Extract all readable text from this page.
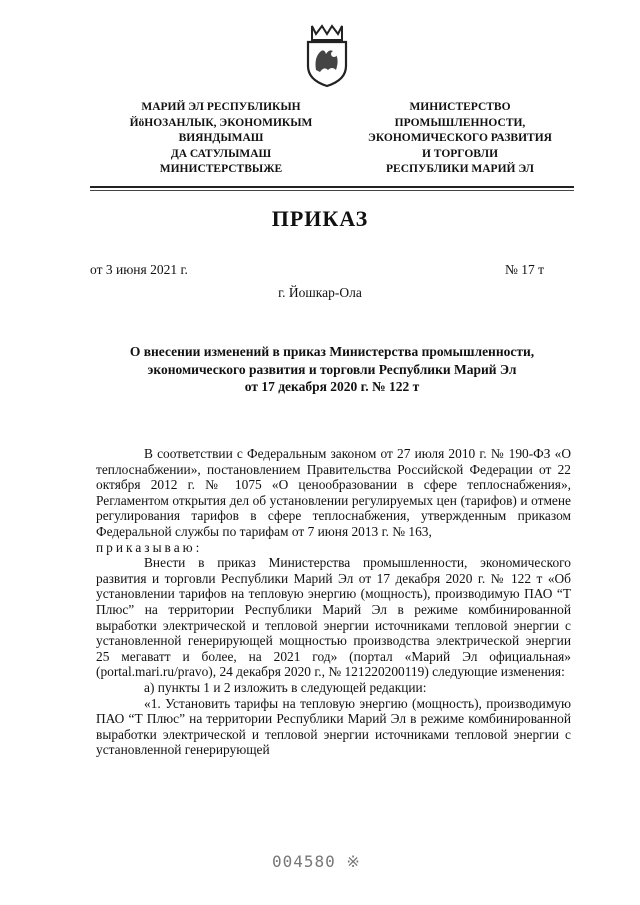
МАРИЙ ЭЛ РЕСПУБЛИКЫН
ЙӧНОЗАНЛЫК, ЭКОНОМИКЫМ
ВИЯНДЫМАШ
ДА САТУЛЫМАШ
МИНИСТЕРСТВЫЖЕ
МИНИСТЕРСТВО
ПРОМЫШЛЕННОСТИ,
ЭКОНОМИЧЕСКОГО РАЗВИТИЯ
И ТОРГОВЛИ
РЕСПУБЛИКИ МАРИЙ ЭЛ
ПРИКАЗ
от 3 июня 2021 г.	№ 17 т
г. Йошкар-Ола
О внесении изменений в приказ Министерства промышленности,
экономического развития и торговли Республики Марий Эл
от 17 декабря 2020 г. № 122 т

В соответствии с Федеральным законом от 27 июля 2010 г. № 190-ФЗ «О теплоснабжении», постановлением Правительства Российской Федерации от 22 октября 2012 г. № 1075 «О ценообразовании в сфере теплоснабжения», Регламентом открытия дел об установлении регулируемых цен (тарифов) и отмене регулирования тарифов в сфере теплоснабжения, утвержденным приказом Федеральной службы по тарифам от 7 июня 2013 г. № 163,

приказываю:

Внести в приказ Министерства промышленности, экономического развития и торговли Республики Марий Эл от 17 декабря 2020 г. № 122 т «Об установлении тарифов на тепловую энергию (мощность), производимую ПАО “Т Плюс” на территории Республики Марий Эл в режиме комбинированной выработки электрической и тепловой энергии источниками тепловой энергии с установленной генерирующей мощностью производства электрической энергии 25 мегаватт и более, на 2021 год» (портал «Марий Эл официальная» (portal.mari.ru/pravo), 24 декабря 2020 г., № 121220200119) следующие изменения:

а) пункты 1 и 2 изложить в следующей редакции:

«1. Установить тарифы на тепловую энергию (мощность), производимую ПАО “Т Плюс” на территории Республики Марий Эл в режиме комбинированной выработки электрической и тепловой энергии источниками тепловой энергии с установленной генерирующей

004580 ※
